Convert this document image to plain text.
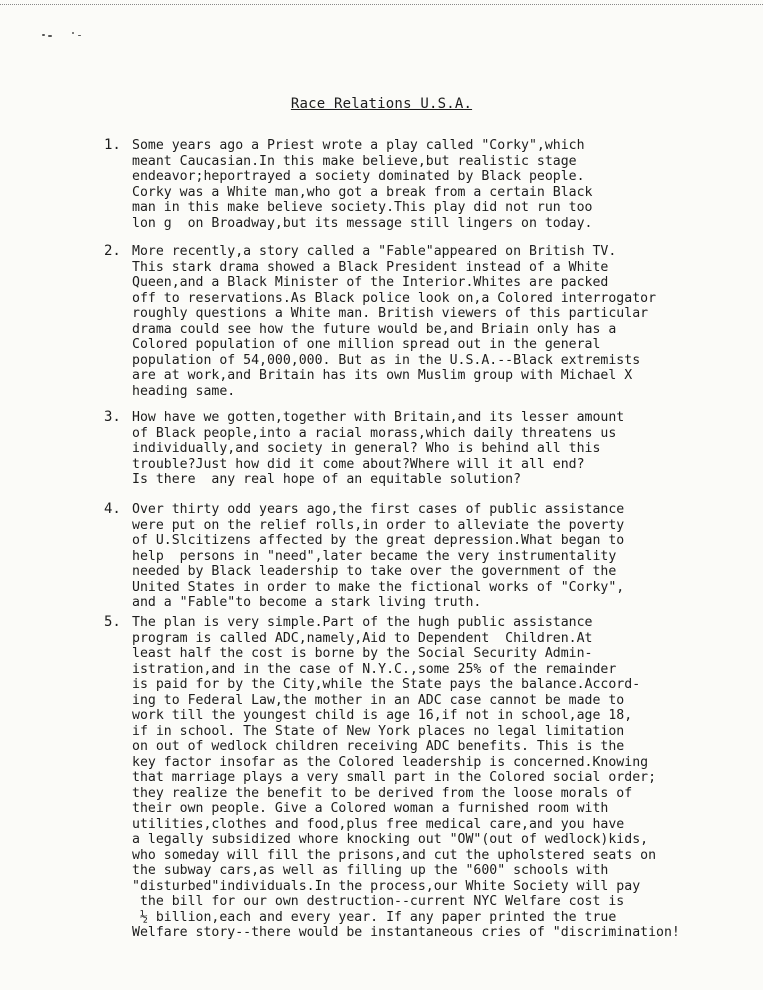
Race Relations U.S.A.
1. Some years ago a Priest wrote a play called "Corky",which
meant Caucasian.In this make believe,but realistic stage
endeavor;heportrayed a society dominated by Black people.
Corky was a White man,who got a break from a certain Black
man in this make believe society.This play did not run too
lon g  on Broadway,but its message still lingers on today.
2. More recently,a story called a "Fable"appeared on British TV.
This stark drama showed a Black President instead of a White
Queen,and a Black Minister of the Interior.Whites are packed
off to reservations.As Black police look on,a Colored interrogator
roughly questions a White man. British viewers of this particular
drama could see how the future would be,and Briain only has a
Colored population of one million spread out in the general
population of 54,000,000. But as in the U.S.A.--Black extremists
are at work,and Britain has its own Muslim group with Michael X
heading same.
3. How have we gotten,together with Britain,and its lesser amount
of Black people,into a racial morass,which daily threatens us
individually,and society in general? Who is behind all this
trouble?Just how did it come about?Where will it all end?
Is there  any real hope of an equitable solution?
4. Over thirty odd years ago,the first cases of public assistance
were put on the relief rolls,in order to alleviate the poverty
of U.Slcitizens affected by the great depression.What began to
help  persons in "need",later became the very instrumentality
needed by Black leadership to take over the government of the
United States in order to make the fictional works of "Corky",
and a "Fable"to become a stark living truth.
5. The plan is very simple.Part of the hugh public assistance
program is called ADC,namely,Aid to Dependent  Children.At
least half the cost is borne by the Social Security Admin-
istration,and in the case of N.Y.C.,some 25% of the remainder
is paid for by the City,while the State pays the balance.Accord-
ing to Federal Law,the mother in an ADC case cannot be made to
work till the youngest child is age 16,if not in school,age 18,
if in school. The State of New York places no legal limitation
on out of wedlock children receiving ADC benefits. This is the
key factor insofar as the Colored leadership is concerned.Knowing
that marriage plays a very small part in the Colored social order;
they realize the benefit to be derived from the loose morals of
their own people. Give a Colored woman a furnished room with
utilities,clothes and food,plus free medical care,and you have
a legally subsidized whore knocking out "OW"(out of wedlock)kids,
who someday will fill the prisons,and cut the upholstered seats on
the subway cars,as well as filling up the "600" schools with
"disturbed"individuals.In the process,our White Society will pay
the bill for our own destruction--current NYC Welfare cost is
½ billion,each and every year. If any paper printed the true
Welfare story--there would be instantaneous cries of "discrimination!
